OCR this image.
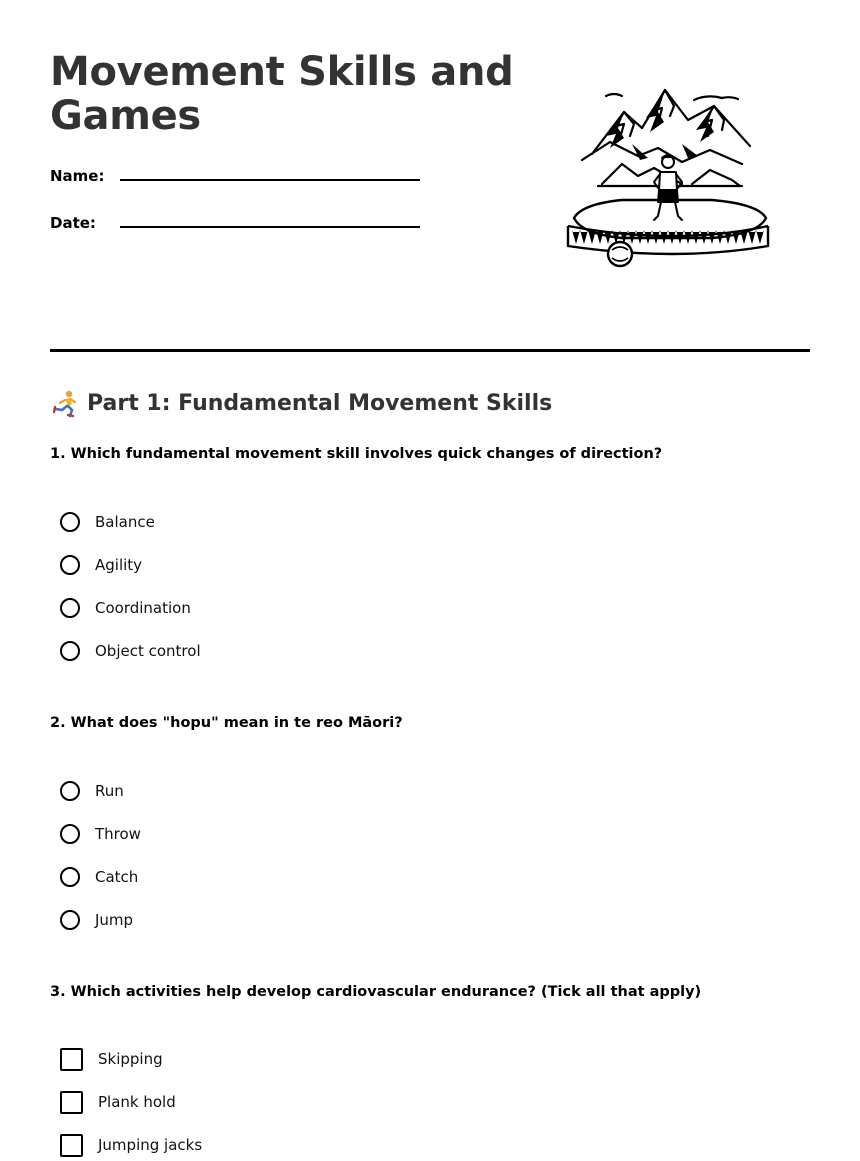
Movement Skills and Games
Name:
Date:
Part 1: Fundamental Movement Skills

1. Which fundamental movement skill involves quick changes of direction?

Balance
Agility
Coordination
Object control

2. What does "hopu" mean in te reo Māori?

Run
Throw
Catch
Jump

3. Which activities help develop cardiovascular endurance? (Tick all that apply)

Skipping
Plank hold
Jumping jacks
